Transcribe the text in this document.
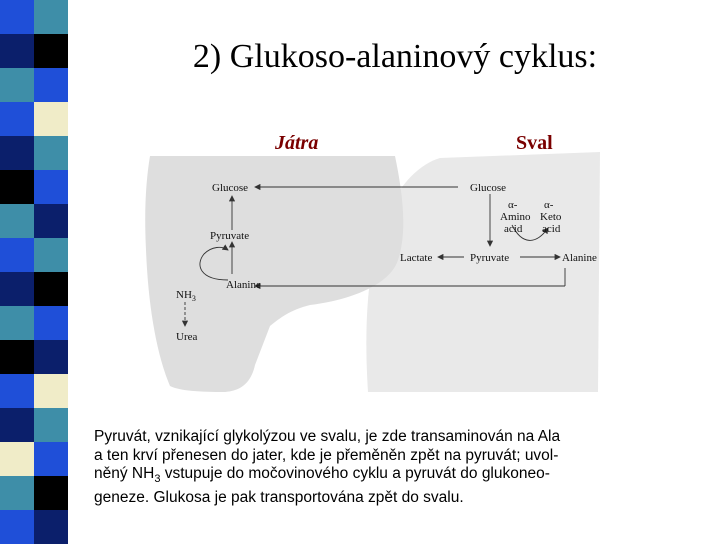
2) Glukoso-alaninový cyklus:
Játra	Sval
Glucose
Pyruvate
Alanine
$NH_3$
Urea
Glucose
α-
Amino
acid
α-
Keto
acid
Lactate	Pyruvate	Alanine

Pyruvát, vznikající glykolýzou ve svalu, je zde transaminován na Ala

a ten krví přenesen do jater, kde je přeměněn zpět na pyruvát; uvol-

něný $NH_3$ vstupuje do močovinového cyklu a pyruvát do glukoneo-

geneze. Glukosa je pak transportována zpět do svalu.
